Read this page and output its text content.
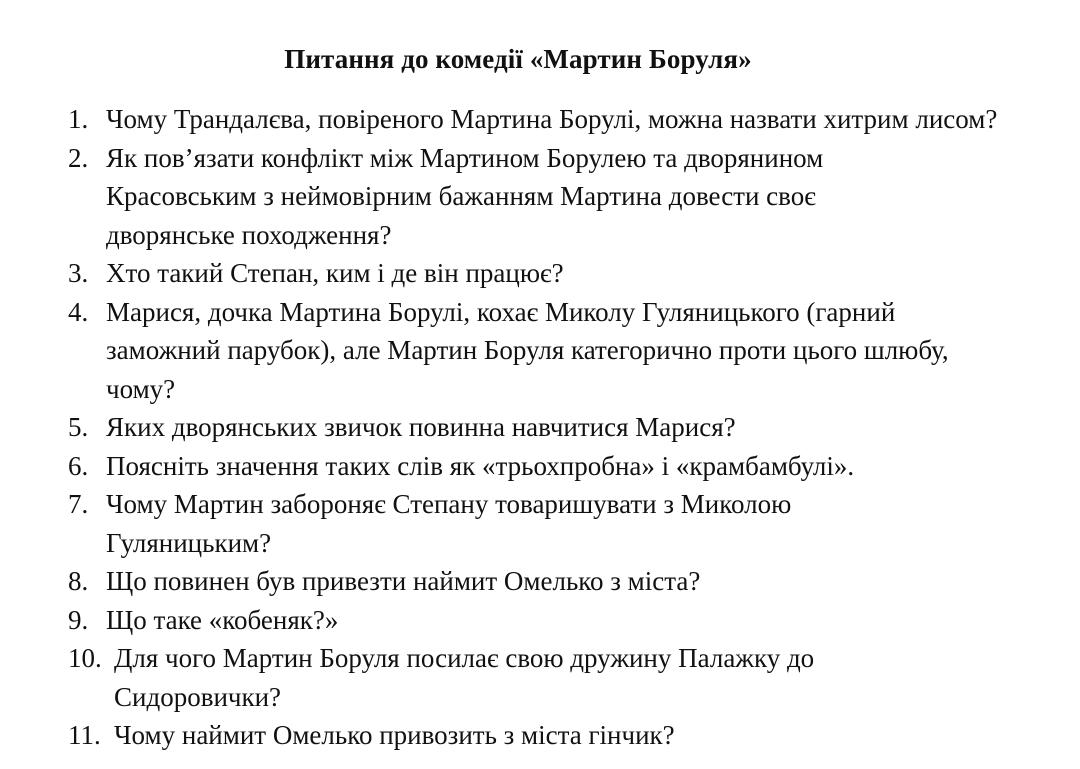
Питання до комедії «Мартин Боруля»
1. Чому Трандалєва, повіреного Мартина Борулі, можна назвати хитрим лисом?
2. Як пов’язати конфлікт між Мартином Борулею та дворянином Красовським з неймовірним бажанням Мартина довести своє дворянське походження?
3. Хто такий Степан, ким і де він працює?
4. Марися, дочка Мартина Борулі, кохає Миколу Гуляницького (гарний заможний парубок), але Мартин Боруля категорично проти цього шлюбу, чому?
5. Яких дворянських звичок повинна навчитися Марися?
6. Поясніть значення таких слів як «трьохпробна» і «крамбамбулі».
7. Чому Мартин забороняє Степану товаришувати з Миколою Гуляницьким?
8. Що повинен був привезти наймит Омелько з міста?
9. Що таке «кобеняк?»
10. Для чого Мартин Боруля посилає свою дружину Палажку до Сидоровички?
11. Чому наймит Омелько привозить з міста гінчик?
